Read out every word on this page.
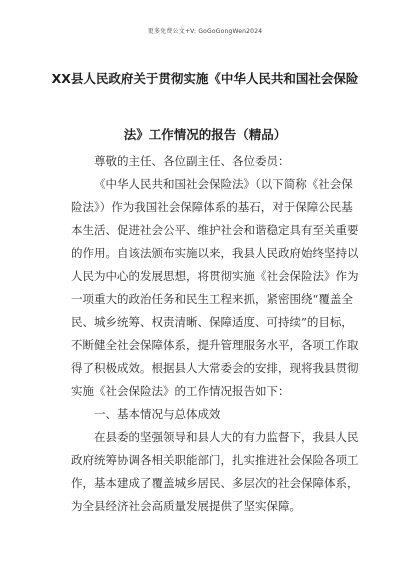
更多免费公文+V: GoGoGongWen2024
XX县人民政府关于贯彻实施《中华人民共和国社会保险
法》工作情况的报告（精品）
尊敬的主任、各位副主任、各位委员：
《中华人民共和国社会保险法》（以下简称《社会保
险法》）作为我国社会保障体系的基石，对于保障公民基
本生活、促进社会公平、维护社会和谐稳定具有至关重要
的作用。自该法颁布实施以来，我县人民政府始终坚持以
人民为中心的发展思想，将贯彻实施《社会保险法》作为
一项重大的政治任务和民生工程来抓，紧密围绕“覆盖全
民、城乡统筹、权责清晰、保障适度、可持续”的目标，
不断健全社会保障体系，提升管理服务水平，各项工作取
得了积极成效。根据县人大常委会的安排，现将我县贯彻
实施《社会保险法》的工作情况报告如下：
一、基本情况与总体成效
在县委的坚强领导和县人大的有力监督下，我县人民
政府统筹协调各相关职能部门，扎实推进社会保险各项工
作，基本建成了覆盖城乡居民、多层次的社会保障体系，
为全县经济社会高质量发展提供了坚实保障。
